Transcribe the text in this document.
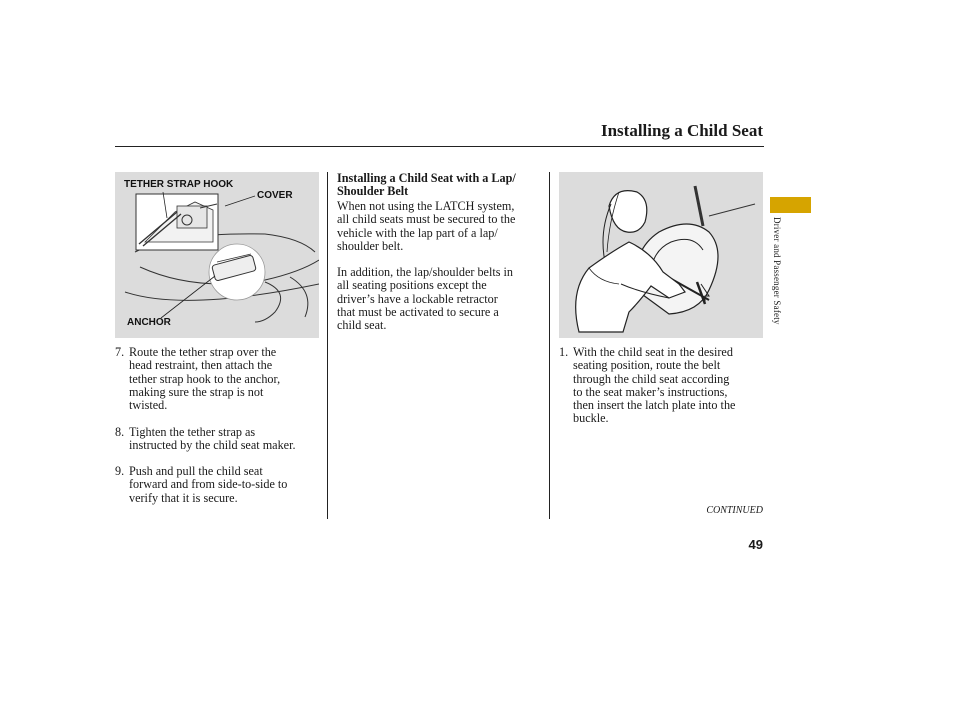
Installing a Child Seat
TETHER STRAP HOOK
COVER
ANCHOR
7. Route the tether strap over the
head restraint, then attach the
tether strap hook to the anchor,
making sure the strap is not
twisted.
8. Tighten the tether strap as
instructed by the child seat maker.
9. Push and pull the child seat
forward and from side-to-side to
verify that it is secure.
Installing a Child Seat with a Lap/
Shoulder Belt
When not using the LATCH system,
all child seats must be secured to the
vehicle with the lap part of a lap/
shoulder belt.
In addition, the lap/shoulder belts in
all seating positions except the
driver’s have a lockable retractor
that must be activated to secure a
child seat.
1. With the child seat in the desired
seating position, route the belt
through the child seat according
to the seat maker’s instructions,
then insert the latch plate into the
buckle.
Driver and Passenger Safety
CONTINUED
49
